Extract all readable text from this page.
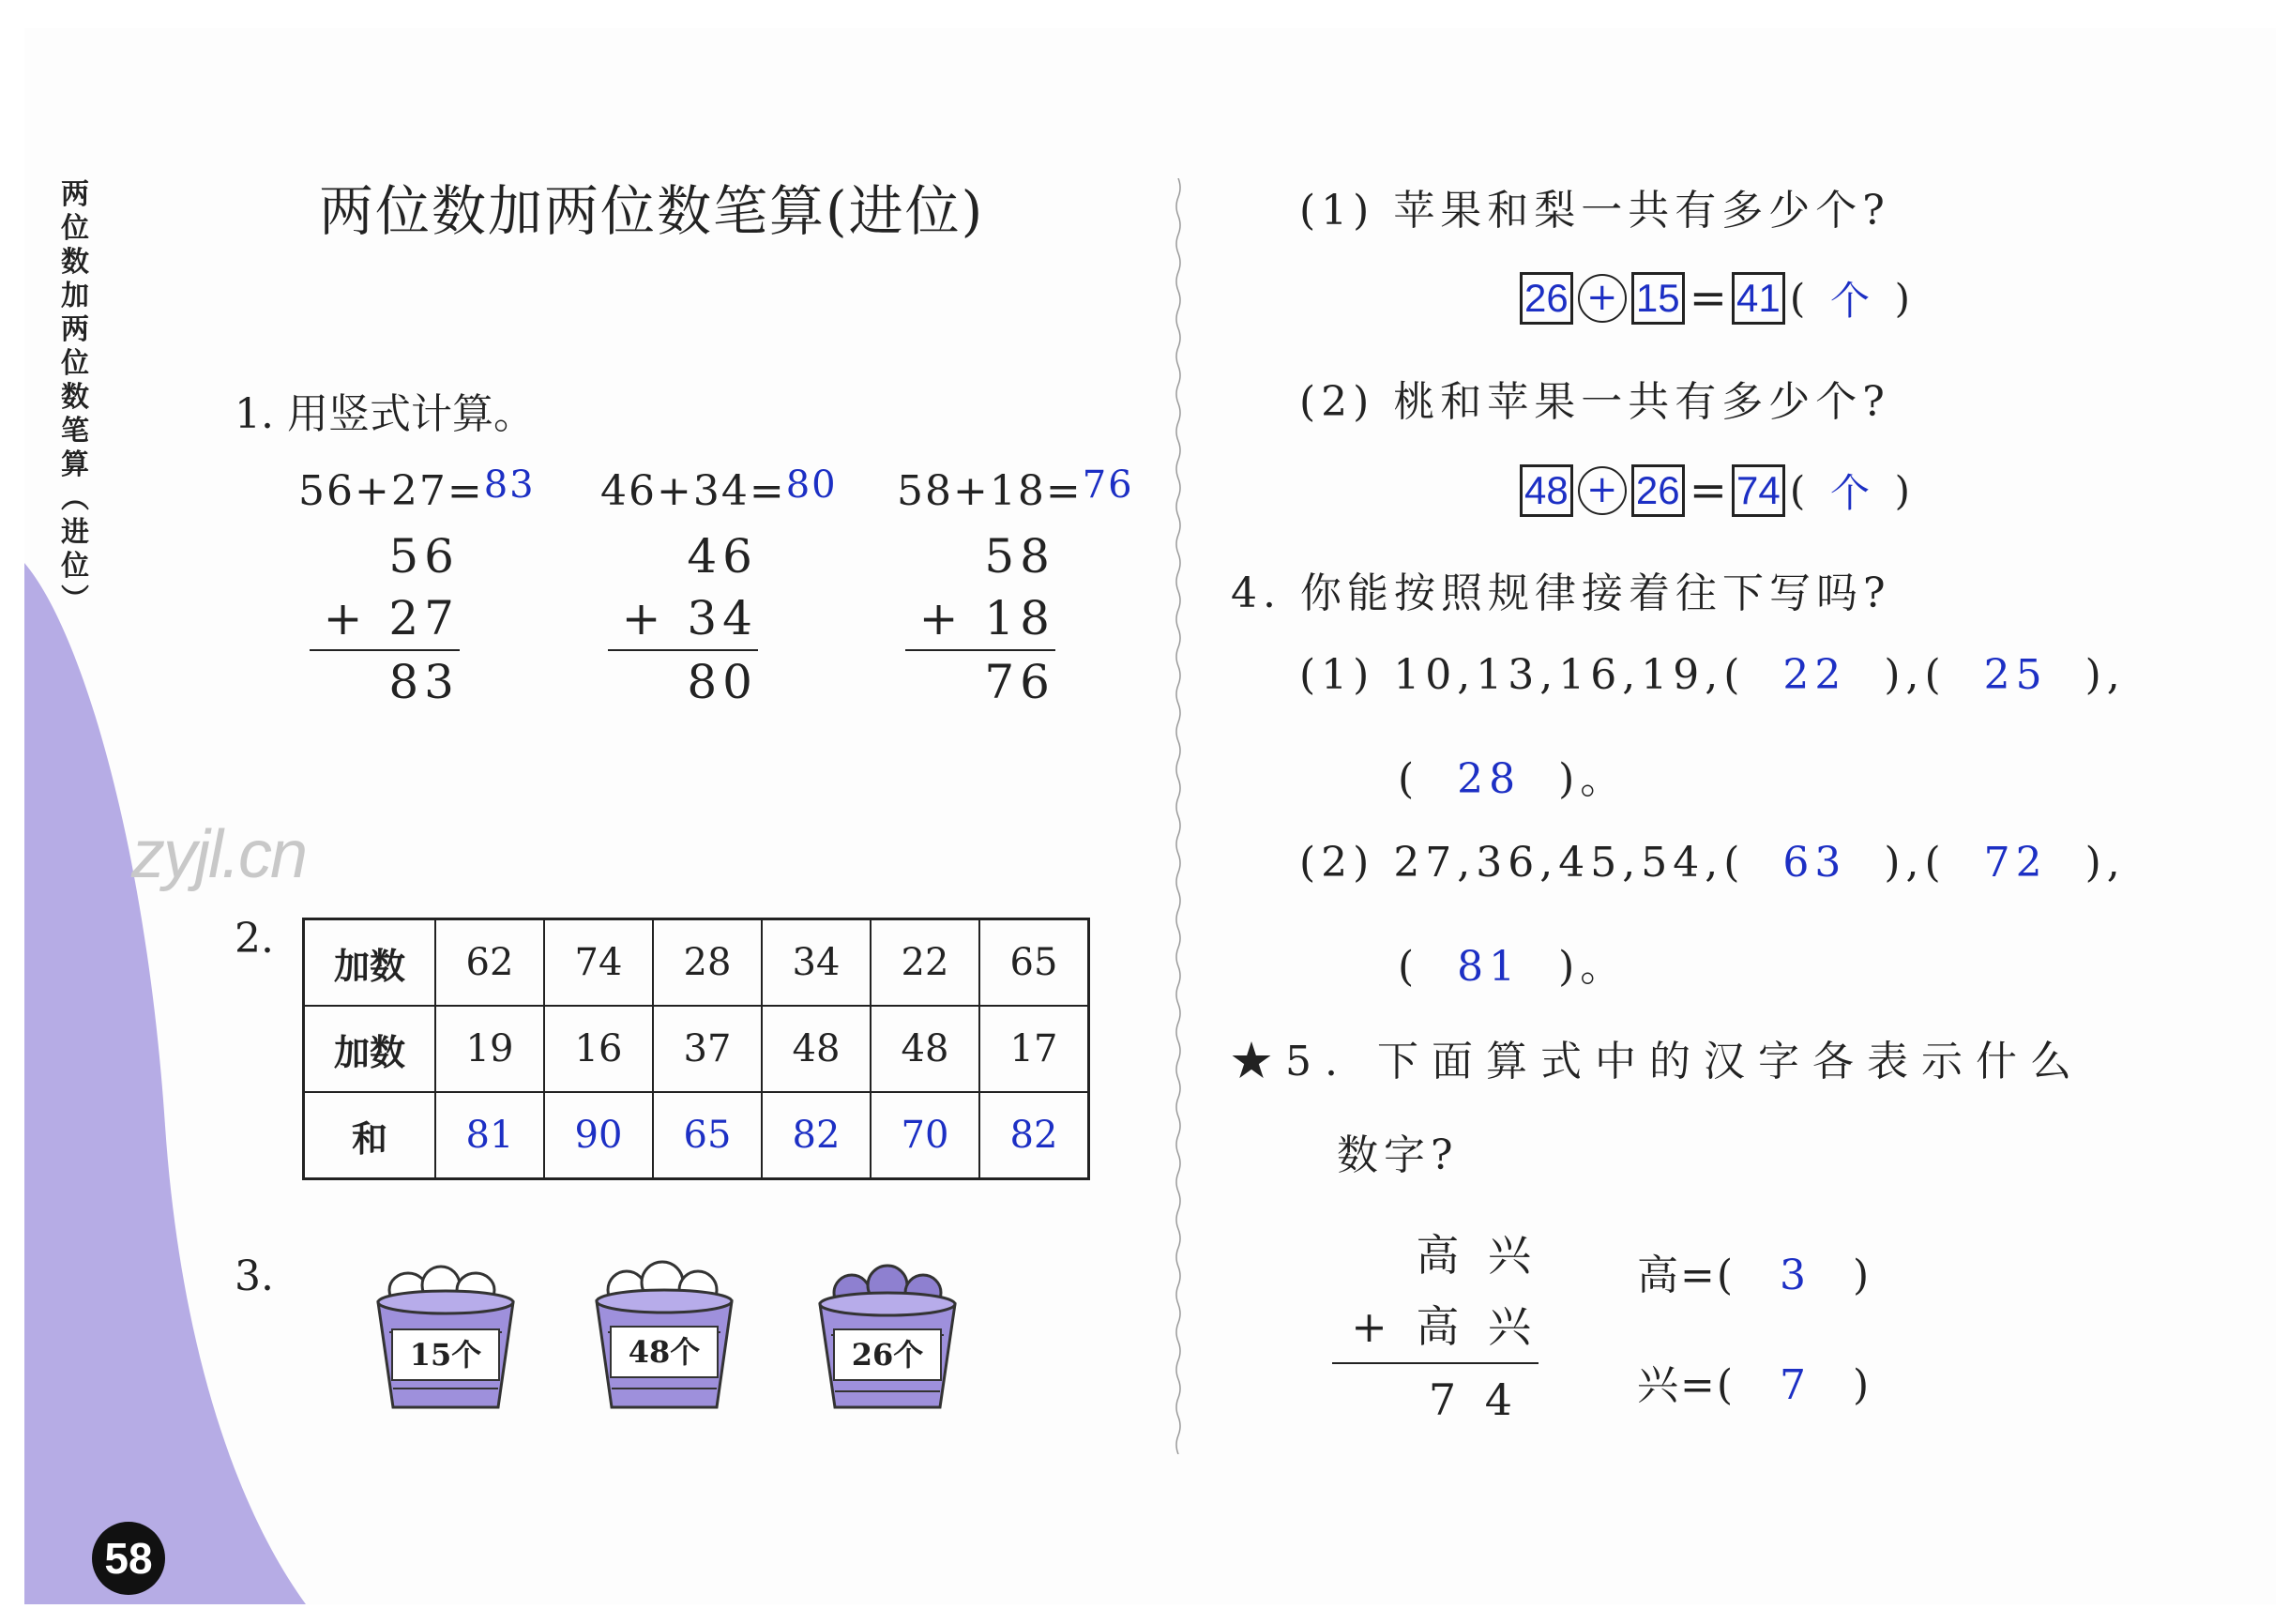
两
位
数
加
两
位
数
笔
算
︵
进
位
︶
两位数加两位数笔算(进位)
zyjl.cn
1. 用竖式计算。
56+27=83 46+34=80 58+18=76
56
+ 27
83
46
+ 34
80
58
+ 18
76
2.
加数	62	74	28	34	22	65
加数	19	16	37	48	48	17
和	81	90	65	82	70	82
3.
15个	48个	26个
(1) 苹果和梨一共有多少个?
26 + 15 = 41 (  个  )
(2) 桃和苹果一共有多少个?
48 + 26 = 74 (  个  )
4. 你能按照规律接着往下写吗?
(1) 10,13,16,19,(  22  ),(  25  ),
(  28  )。
(2) 27,36,45,54,(  63  ),(  72  ),
(  81  )。
★5. 下面算式中的汉字各表示什么
数字?
高 兴
+ 高 兴
7 4
高=( 3 )
兴=( 7 )
58
